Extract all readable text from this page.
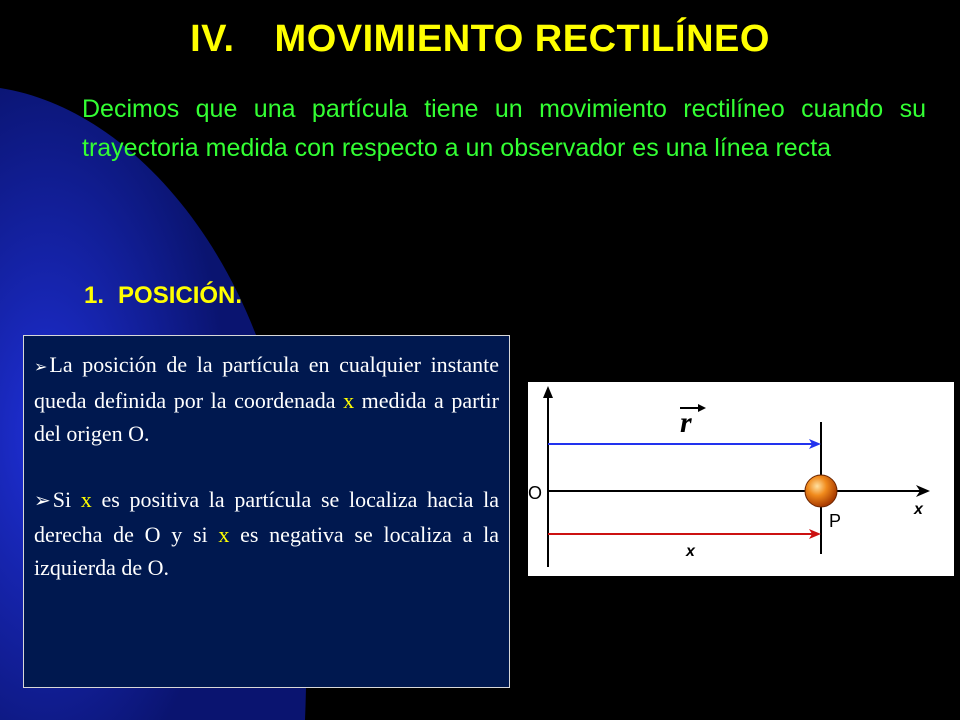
IV. MOVIMIENTO RECTILÍNEO
Decimos que una partícula tiene un movimiento rectilíneo cuando su trayectoria medida con respecto a un observador es una línea recta
1. POSICIÓN.

➢La posición de la partícula en cualquier instante queda definida por la coordenada x medida a partir del origen O.

➢Si x es positiva la partícula se localiza hacia la derecha de O y si x es negativa se localiza a la izquierda de O.

r
O
x
P
x
